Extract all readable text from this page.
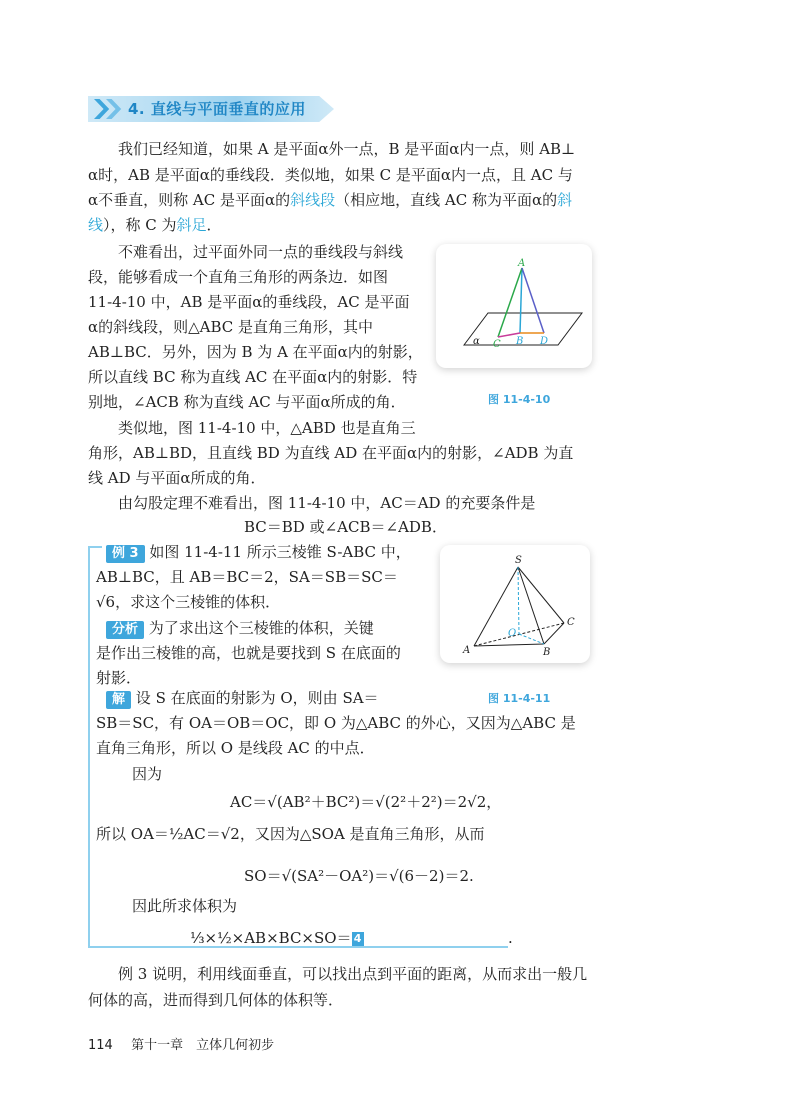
4. 直线与平面垂直的应用
我们已经知道，如果 A 是平面α外一点，B 是平面α内一点，则 AB⊥
α时，AB 是平面α的垂线段．类似地，如果 C 是平面α内一点，且 AC 与
α不垂直，则称 AC 是平面α的斜线段（相应地，直线 AC 称为平面α的斜
线），称 C 为斜足．
不难看出，过平面外同一点的垂线段与斜线
段，能够看成一个直角三角形的两条边．如图
11-4-10 中，AB 是平面α的垂线段，AC 是平面
α的斜线段，则△ABC 是直角三角形，其中
AB⊥BC．另外，因为 B 为 A 在平面α内的射影，
所以直线 BC 称为直线 AC 在平面α内的射影．特
别地，∠ACB 称为直线 AC 与平面α所成的角．
A
B
C	D
α
图 11-4-10
类似地，图 11-4-10 中，△ABD 也是直角三
角形，AB⊥BD，且直线 BD 为直线 AD 在平面α内的射影，∠ADB 为直
线 AD 与平面α所成的角．
由勾股定理不难看出，图 11-4-10 中，AC＝AD 的充要条件是
BC＝BD 或∠ACB＝∠ADB．
例 3 如图 11-4-11 所示三棱锥 S-ABC 中，
AB⊥BC，且 AB＝BC＝2，SA＝SB＝SC＝
√6，求这个三棱锥的体积．
分析 为了求出这个三棱锥的体积，关键
是作出三棱锥的高，也就是要找到 S 在底面的
射影．
S
A	B
C
O
图 11-4-11
解 设 S 在底面的射影为 O，则由 SA＝
SB＝SC，有 OA＝OB＝OC，即 O 为△ABC 的外心，又因为△ABC 是
直角三角形，所以 O 是线段 AC 的中点．
因为
AC＝√(AB²＋BC²)＝√(2²＋2²)＝2√2，
所以 OA＝½AC＝√2，又因为△SOA 是直角三角形，从而
SO＝√(SA²－OA²)＝√(6－2)＝2.
因此所求体积为
⅓×½×AB×BC×SO＝ 4	.
例 3 说明，利用线面垂直，可以找出点到平面的距离，从而求出一般几
何体的高，进而得到几何体的体积等．
114 第十一章　立体几何初步
